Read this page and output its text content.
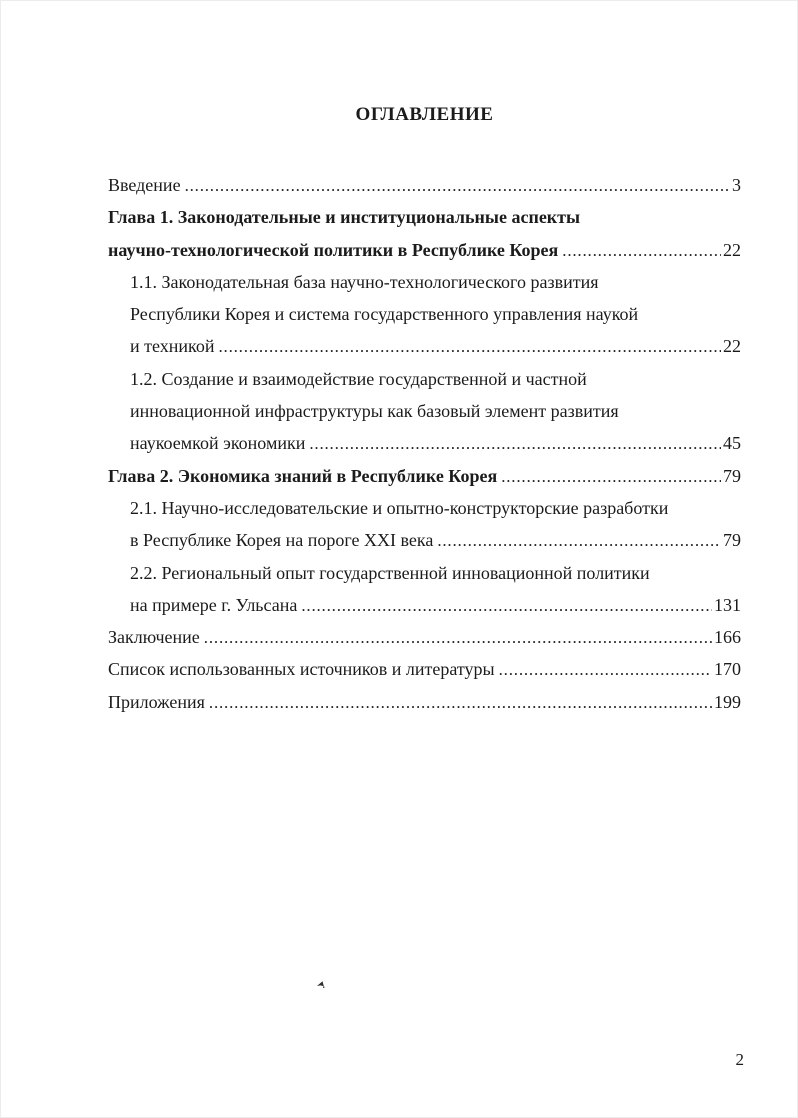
ОГЛАВЛЕНИЕ
Введение .....	3
Глава 1. Законодательные и институциональные аспекты
научно-технологической политики в Республике Корея .....	22
1.1. Законодательная база научно-технологического развития
Республики Корея и система государственного управления наукой
и техникой .....	22
1.2. Создание и взаимодействие государственной и частной
инновационной инфраструктуры как базовый элемент развития
наукоемкой экономики .....	45
Глава 2. Экономика знаний в Республике Корея .....	79
2.1. Научно-исследовательские и опытно-конструкторские разработки
в Республике Корея на пороге XXI века .....	79
2.2. Региональный опыт государственной инновационной политики
на примере г. Ульсана .....	131
Заключение .....	166
Список использованных источников и литературы .....	170
Приложения .....	199
2
